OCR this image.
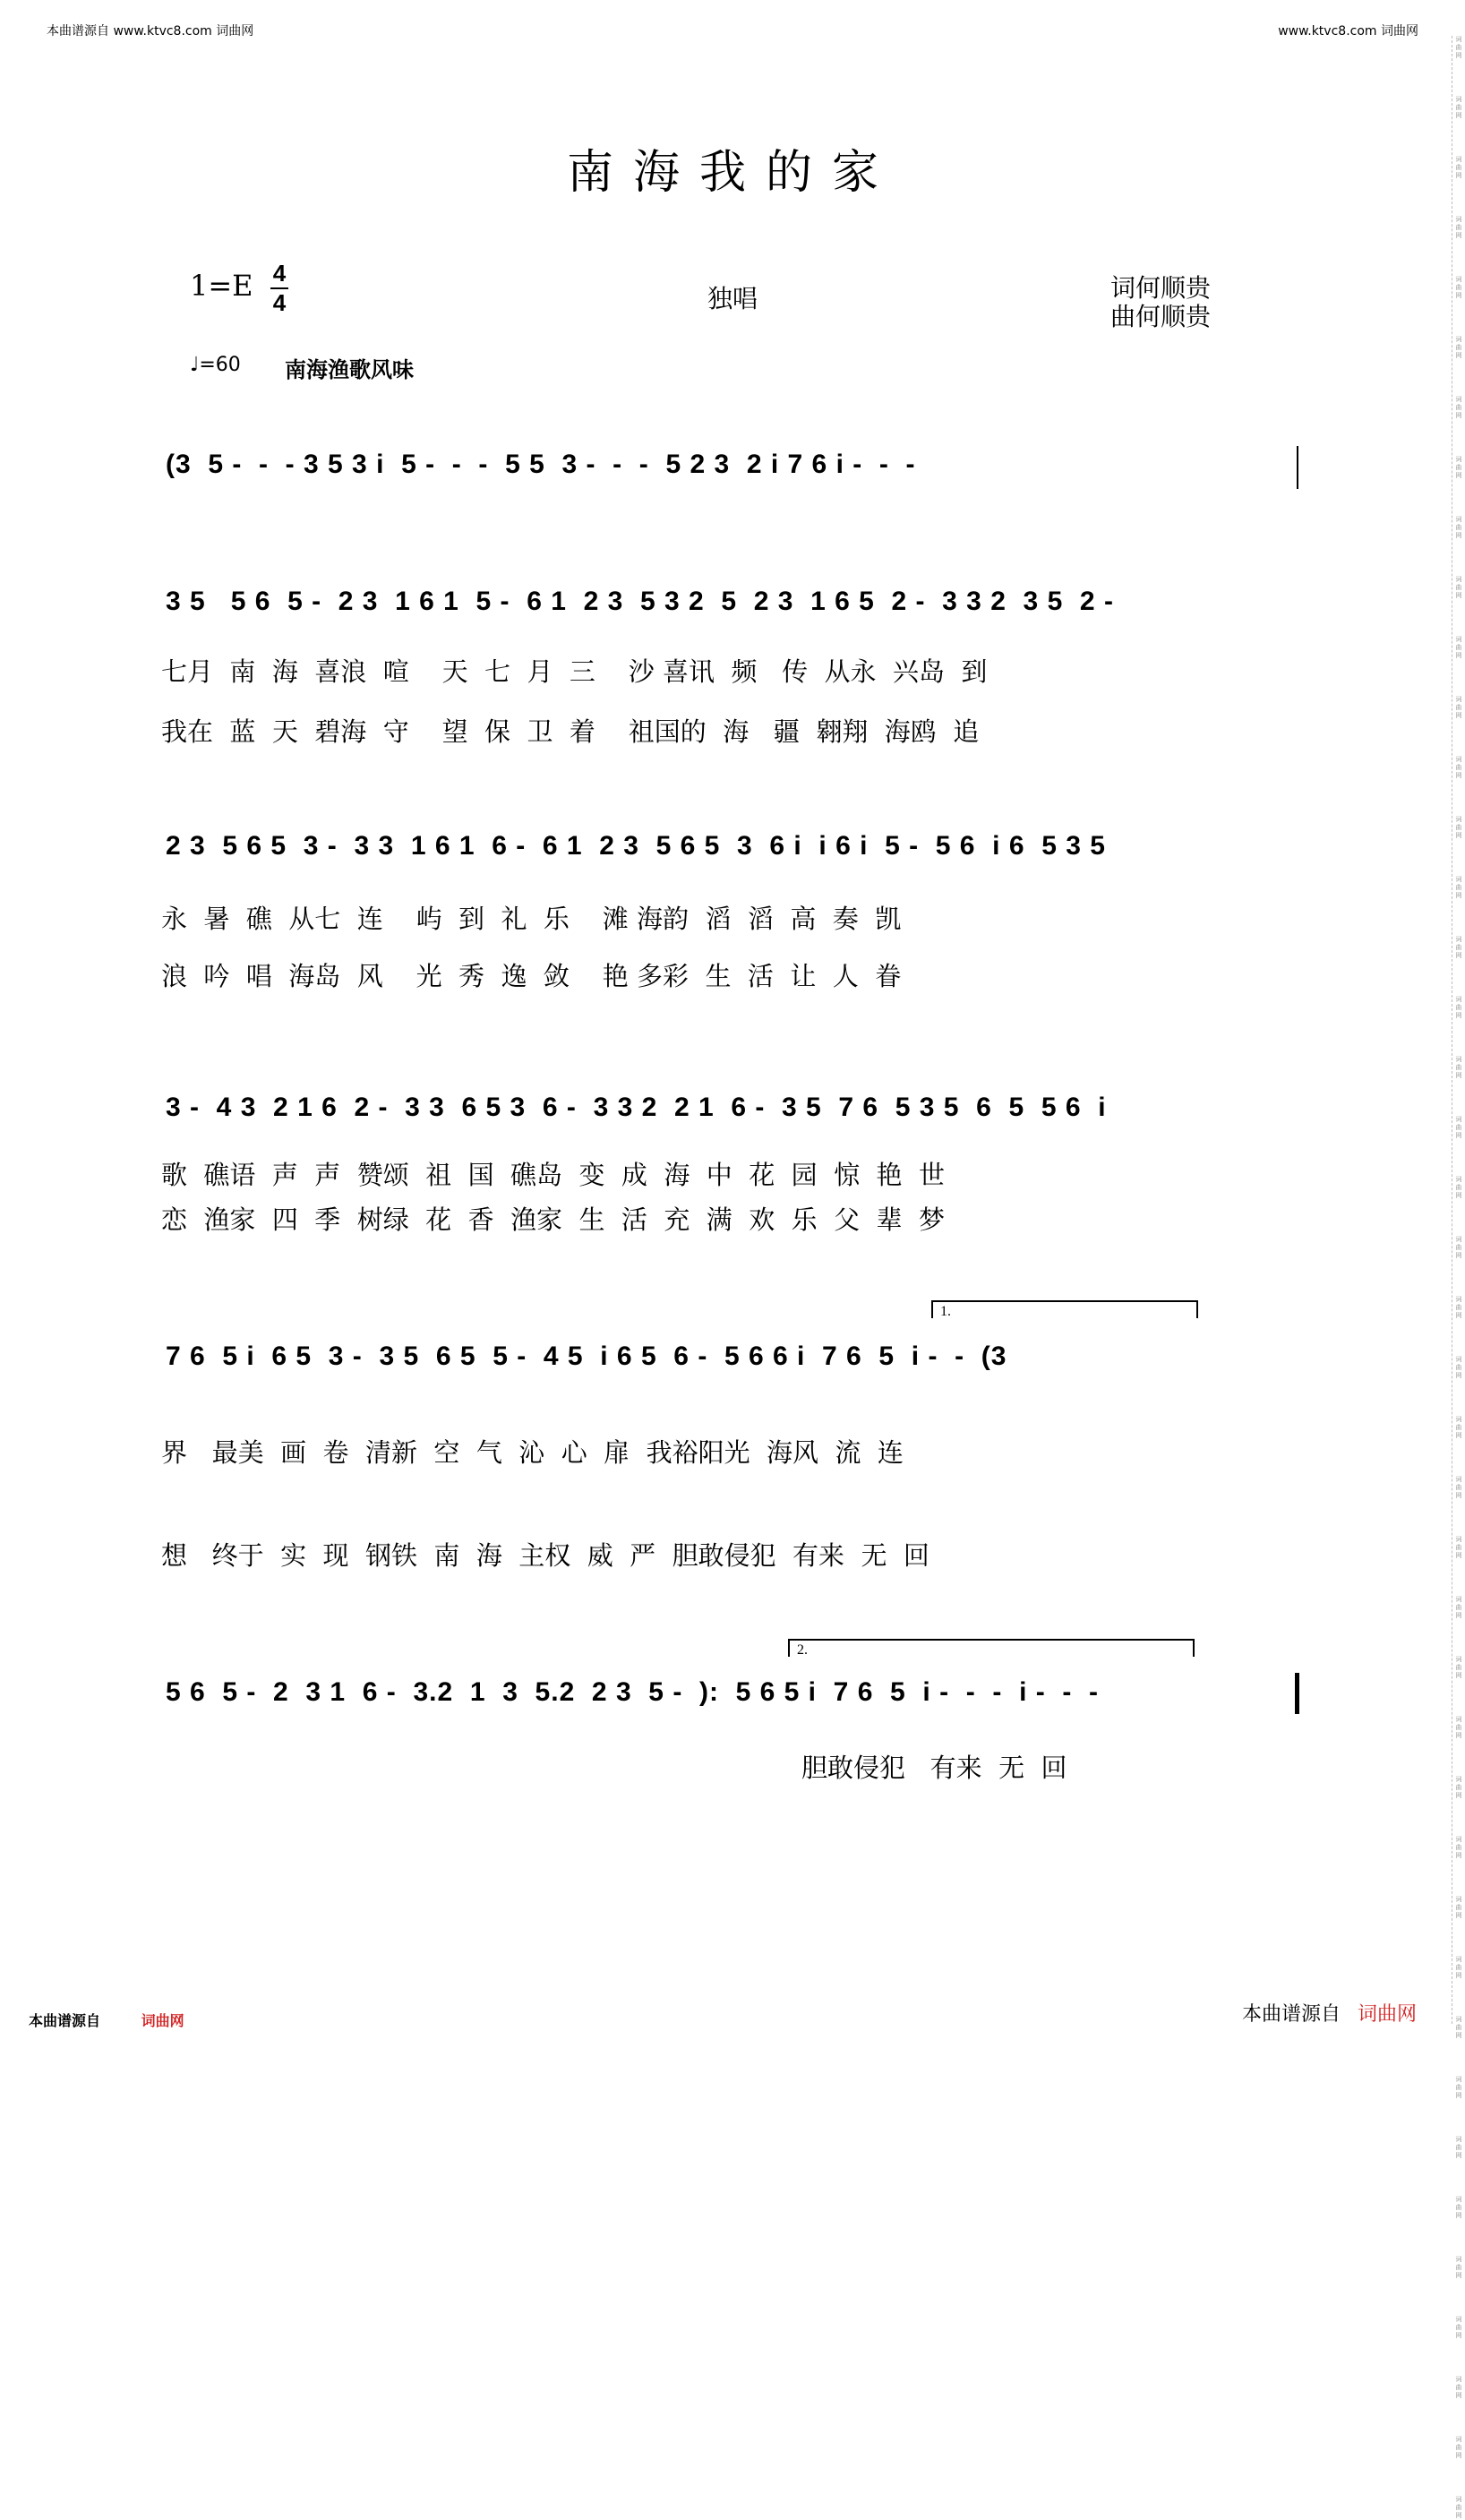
本曲谱源自 www.ktvc8.com 词曲网	www.ktvc8.com 词曲网
词
曲
网
词
曲
网
词
曲
网
词
曲
网
词
曲
网
词
曲
网
词
曲
网
词
曲
网
词
曲
网
词
曲
网
词
曲
网
词
曲
网
词
曲
网
词
曲
网
词
曲
网
词
曲
网
词
曲
网
词
曲
网
词
曲
网
词
曲
网
词
曲
网
词
曲
网
词
曲
网
词
曲
网
词
曲
网
词
曲
网
词
曲
网
词
曲
网
词
曲
网
词
曲
网
词
曲
网
词
曲
网
词
曲
网
词
曲
网
词
曲
网
词
曲
网
词
曲
网
词
曲
网
词
曲
网
词
曲
网
词
曲
网
词
曲
网
南海我的家
1=E 4
4	独唱	词何顺贵
曲何顺贵
♩=60 南海渔歌风味
(3  5 -  -  - 3 5 3 i  5 -  -  -  5 5  3 -  -  -  5 2 3  2 i 7 6 i -  -  -
3 5   5 6  5 -  2 3  1 6 1  5 -  6 1  2 3  5 3 2  5  2 3  1 6 5  2 -  3 3 2  3 5  2 -
七月  南  海  喜浪  喧    天  七  月  三    沙 喜讯  频   传  从永  兴岛  到
我在  蓝  天  碧海  守    望  保  卫  着    祖国的  海   疆  翱翔  海鸥  追
2 3  5 6 5  3 -  3 3  1 6 1  6 -  6 1  2 3  5 6 5  3  6 i  i 6 i  5 -  5 6  i 6  5 3 5
永  暑  礁  从七  连    屿  到  礼  乐    滩 海韵  滔  滔  高  奏  凯
浪  吟  唱  海岛  风    光  秀  逸  敛    艳 多彩  生  活  让  人  眷
3 -  4 3  2 1 6  2 -  3 3  6 5 3  6 -  3 3 2  2 1  6 -  3 5  7 6  5 3 5  6  5  5 6  i
歌  礁语  声  声  赞颂  祖  国  礁岛  变  成  海  中  花  园  惊  艳  世
恋  渔家  四  季  树绿  花  香  渔家  生  活  充  满  欢  乐  父  辈  梦
1.
7 6  5 i  6 5  3 -  3 5  6 5  5 -  4 5  i 6 5  6 -  5 6 6 i  7 6  5  i -  -  (3
界   最美  画  卷  清新  空  气  沁  心  扉  我裕阳光  海风  流  连
想   终于  实  现  钢铁  南  海  主权  威  严  胆敢侵犯  有来  无  回
2.
5 6  5 -  2  3 1  6 -  3.2  1  3  5.2  2 3  5 -  ):  5 6 5 i  7 6  5  i -  -  -  i -  -  -
胆敢侵犯   有来  无  回
本曲谱源自	词曲网	本曲谱源自 词曲网
